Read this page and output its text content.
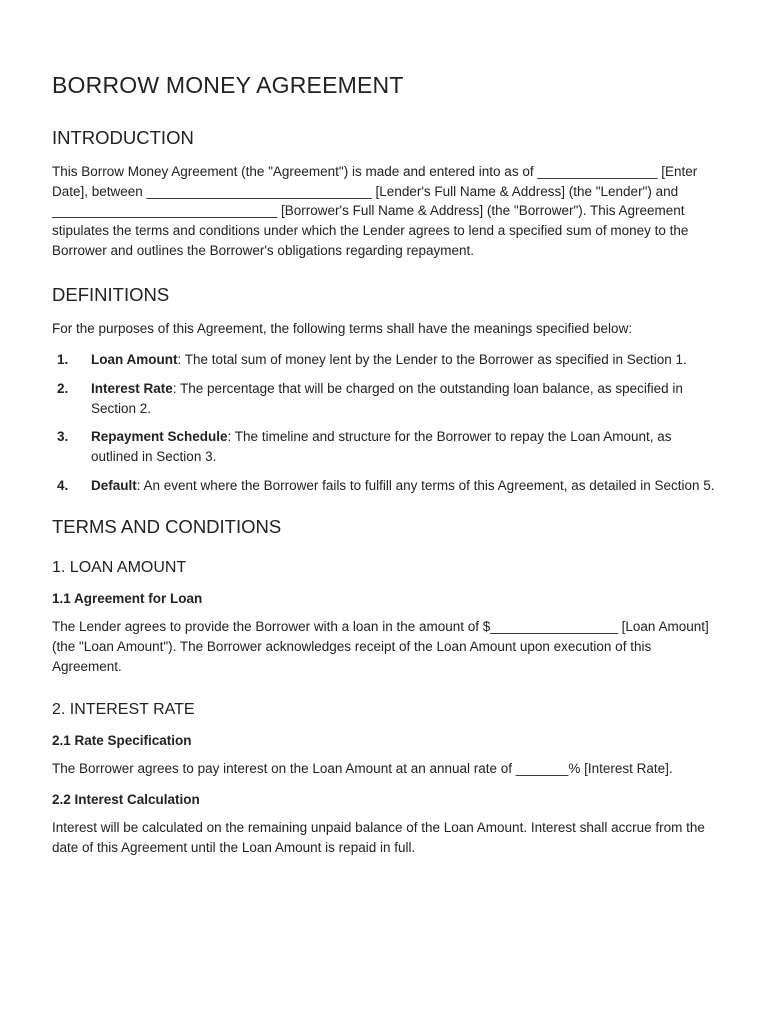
BORROW MONEY AGREEMENT
INTRODUCTION

This Borrow Money Agreement (the "Agreement") is made and entered into as of ________________ [Enter Date], between ______________________________ [Lender's Full Name & Address] (the "Lender") and ______________________________ [Borrower's Full Name & Address] (the "Borrower"). This Agreement stipulates the terms and conditions under which the Lender agrees to lend a specified sum of money to the Borrower and outlines the Borrower's obligations regarding repayment.

DEFINITIONS

For the purposes of this Agreement, the following terms shall have the meanings specified below:

1. Loan Amount: The total sum of money lent by the Lender to the Borrower as specified in Section 1.
2. Interest Rate: The percentage that will be charged on the outstanding loan balance, as specified in Section 2.
3. Repayment Schedule: The timeline and structure for the Borrower to repay the Loan Amount, as outlined in Section 3.
4. Default: An event where the Borrower fails to fulfill any terms of this Agreement, as detailed in Section 5.
TERMS AND CONDITIONS
1. LOAN AMOUNT
1.1 Agreement for Loan

The Lender agrees to provide the Borrower with a loan in the amount of $_________________ [Loan Amount] (the "Loan Amount"). The Borrower acknowledges receipt of the Loan Amount upon execution of this Agreement.

2. INTEREST RATE
2.1 Rate Specification

The Borrower agrees to pay interest on the Loan Amount at an annual rate of _______% [Interest Rate].

2.2 Interest Calculation

Interest will be calculated on the remaining unpaid balance of the Loan Amount. Interest shall accrue from the date of this Agreement until the Loan Amount is repaid in full.
